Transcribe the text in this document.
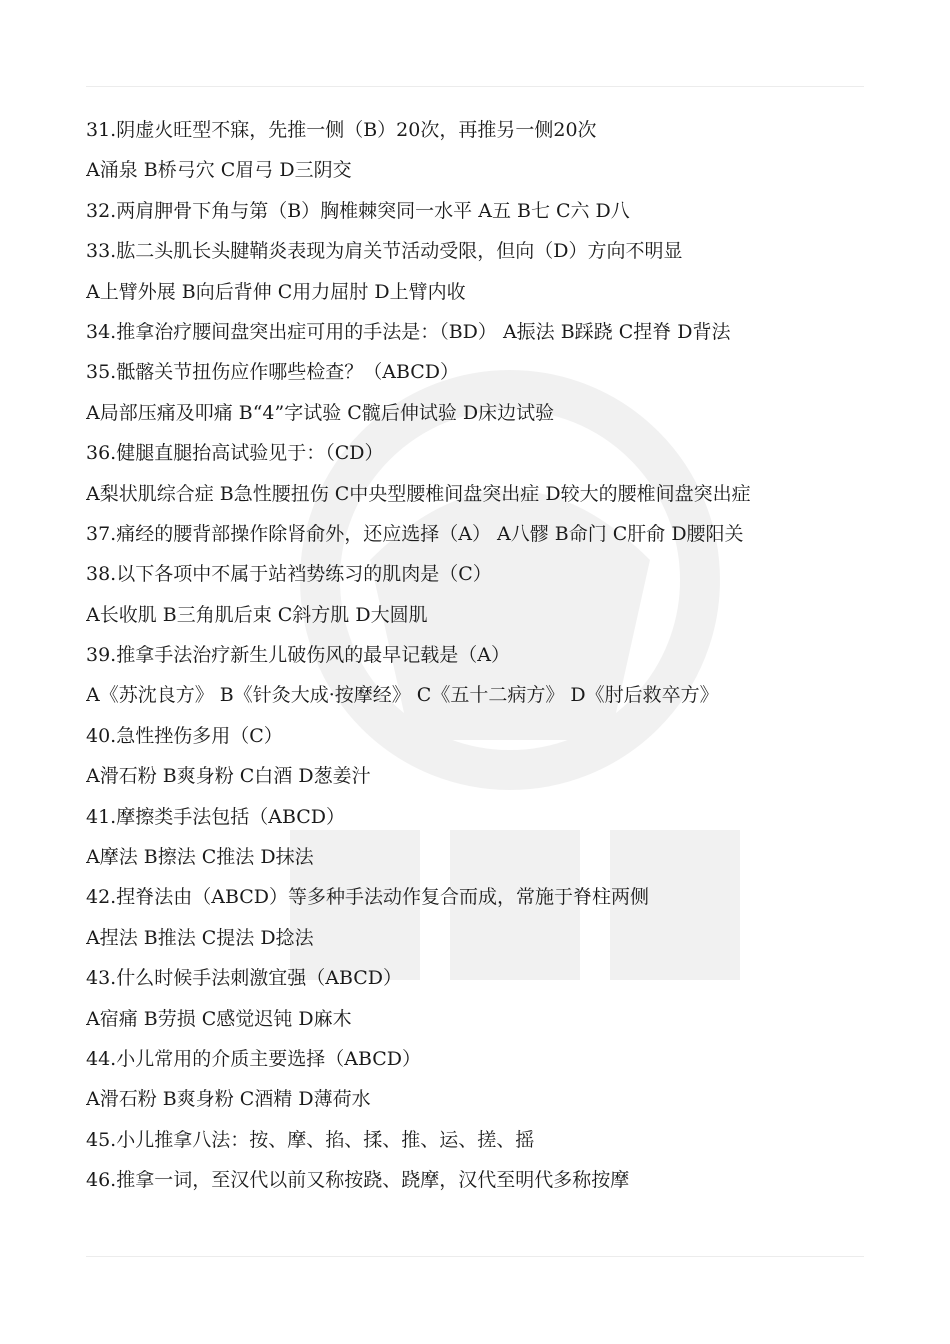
31.阴虚火旺型不寐，先推一侧（B）20次，再推另一侧20次
A涌泉 B桥弓穴 C眉弓 D三阴交
32.两肩胛骨下角与第（B）胸椎棘突同一水平 A五 B七 C六 D八
33.肱二头肌长头腱鞘炎表现为肩关节活动受限，但向（D）方向不明显
A上臂外展 B向后背伸 C用力屈肘 D上臂内收
34.推拿治疗腰间盘突出症可用的手法是：（BD） A振法 B踩跷 C捏脊 D背法
35.骶髂关节扭伤应作哪些检查？（ABCD）
A局部压痛及叩痛 B“4”字试验 C髋后伸试验 D床边试验
36.健腿直腿抬高试验见于：（CD）
A梨状肌综合症 B急性腰扭伤 C中央型腰椎间盘突出症 D较大的腰椎间盘突出症
37.痛经的腰背部操作除肾俞外，还应选择（A） A八髎 B命门 C肝俞 D腰阳关
38.以下各项中不属于站裆势练习的肌肉是（C）
A长收肌 B三角肌后束 C斜方肌 D大圆肌
39.推拿手法治疗新生儿破伤风的最早记载是（A）
A《苏沈良方》 B《针灸大成·按摩经》 C《五十二病方》 D《肘后救卒方》
40.急性挫伤多用（C）
A滑石粉 B爽身粉 C白酒 D葱姜汁
41.摩擦类手法包括（ABCD）
A摩法 B擦法 C推法 D抹法
42.捏脊法由（ABCD）等多种手法动作复合而成，常施于脊柱两侧
A捏法 B推法 C提法 D捻法
43.什么时候手法刺激宜强（ABCD）
A宿痛 B劳损 C感觉迟钝 D麻木
44.小儿常用的介质主要选择（ABCD）
A滑石粉 B爽身粉 C酒精 D薄荷水
45.小儿推拿八法：按、摩、掐、揉、推、运、搓、摇
46.推拿一词，至汉代以前又称按跷、跷摩，汉代至明代多称按摩
